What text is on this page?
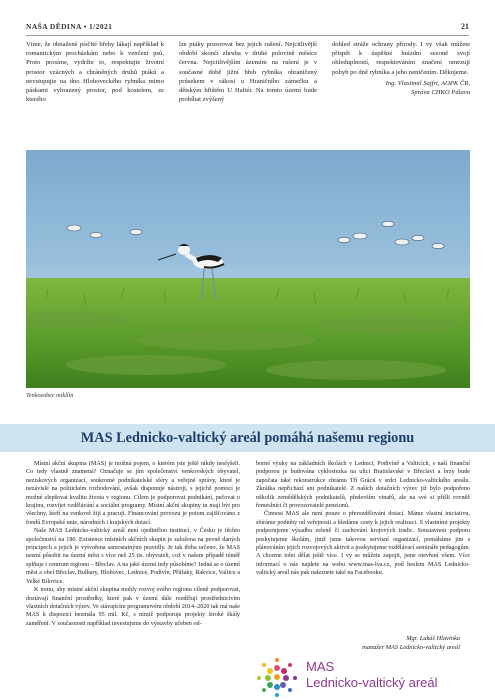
NAŠA DĚDINA • 1/2021	21
Víme, že obnažené písčité břehy lákají například k romantickým procházkám nebo k venčení psů. Proto prosíme, vydržte to, respektujte životní prostor vzácných a chráněných druhů ptáků a nevstupujte na dno Hlohoveckého rybníka mimo páskami vyhrazený prostor, pod kostelem, ze kterého
lze ptáky pozorovat bez jejich rušení. Nejcitlivější období skončí zhruba v druhé polovině měsíce června. Nejcitlivějším územím na rušení je v současné době jižní břeh rybníka ohraničený průsekem v rákosí u Hraničního zámečku a dětským hřištěm U Haltér. Na tomto území bude probíhat zvýšený
dohled stráže ochrany přírody. I vy však můžete přispět k úspěšné hnízdní sezoně svojí ohleduplností, respektováním značení omezují pohyb po dně rybníka a jeho neničením. Děkujeme.
Ing. Vlastimil Sajfrt, AOPK ČR,
Správa CHKO Pálava
Tenkozobec mikllín
MAS Lednicko-valtický areál pomáhá našemu regionu

Místní akční skupina (MAS) je možná pojem, o kterém jste ještě nikdy neslyšeli. Co tedy vlastně znamená? Označuje se jím společenství venkovských obyvatel, neziskových organizací, soukromé podnikatelské sféry a veřejné správy, které je nezávislé na politickém rozhodování, avšak disponuje nástroji, s jejichž pomocí je možné zlepšovat kvalitu života v regionu. Cílem je podporovat podnikání, pečovat o krajinu, rozvíjet vzdělávání a sociální programy. Místní akční skupiny tu mají být pro všechny, kteří na venkově žijí a pracují. Financování provozu je potom zajišťováno z fondů Evropské unie, národních i krajských dotací.

Naše MAS Lednicko-valtický areál není ojedinělou institucí, v Česku je těchto společenství na 180. Existence místních akčních skupin je založena na pevně daných principech a jejich je vytvořena samostatnými pravidly. Je tak třeba určeno, že MAS nesmí působit na území měst s více než 25 tis. obyvateli, což v našem případě téměř splňuje i centrum regionu – Břeclav. A na jaké území tedy působíme? Jedná se o území měst a obcí Břeclav, Bulhary, Hlohovec, Lednice, Podivín, Přítluky, Rakvice, Valtice a Velké Bílovice.

K tomu, aby místní akční skupina mohly rozvoj svého regionu cíleně podporovat, dostávají finanční prostředky, které pak v území dále rozdělují prostřednictvím vlastních dotačních výzev. Ve stávajícím programovém období 2014–2020 tak má naše MAS k dispozici bezmála 95 mil. Kč, s nimiž podporuje projekty široké škály zaměření. V současnosti například investujeme do výstavby učeben od-

borné výuky na základních školách v Lednici, Podivíně a Valticích, s naší finanční podporou je budována cyklostezka na ulici Bratislavské v Břeclavi a brzy bude započata také rekonstrukce chrámu Tří Grácií v srdci Lednicko-valtického areálu. Zkrátka nepřichází ani podnikatelé. Z naších dotačních výzev již bylo podpořeno několik zemědělských podnikatelů, především vinařů, ale na své si přišli rovněž řemeslníci či provozovatelé penzionů.

Činnost MAS ale není pouze o přerozdělování dotací. Máme vlastní iniciativu, sbíráme podněty od veřejnosti a hledáme cesty k jejich realizaci. S vlastními projekty podporujeme výsadbu zeleně či zachování krojových tradic. Soustavnou podporu poskytujeme školám, jimž jsme takovou servisní organizací, pomáháme jim s plánováním jejich rozvojových aktivit a poskytujeme vzdělávací semináře pedagogům. A chceme toho dělat ještě více. I vy se můžete zapojit, jsme otevření všem. Více informací o nás najdete na webu www.mas-lva.cz, pod heslem MAS Lednicko-valtický areál nás pak naleznete také na Facebooku.

Mgr. Lukáš Hlavinka
manažer MAS Lednicko-valtický areál
MAS
Lednicko-valtický areál
